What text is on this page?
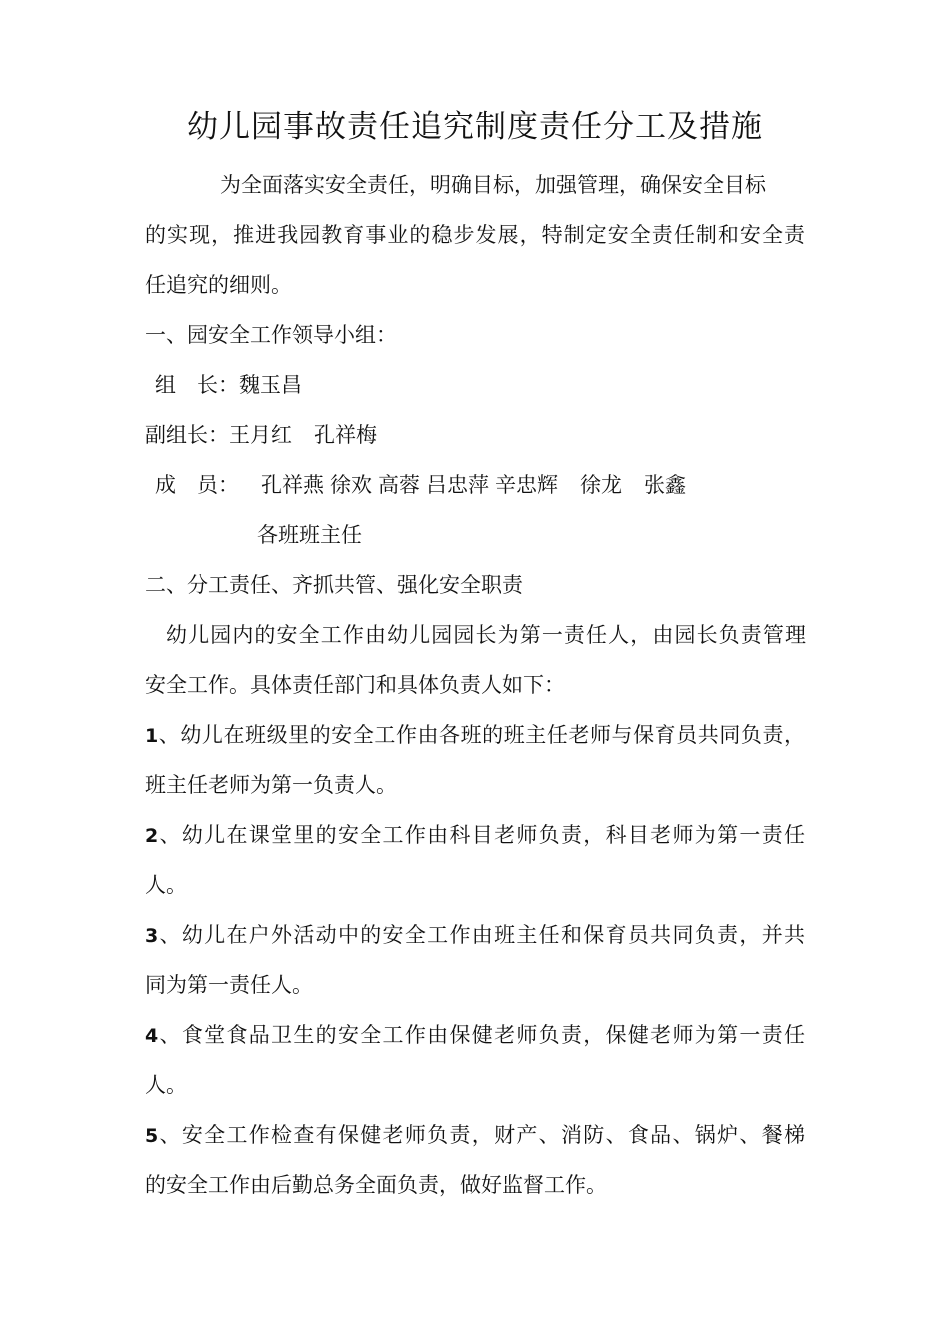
幼儿园事故责任追究制度责任分工及措施
为全面落实安全责任，明确目标，加强管理，确保安全目标
的实现，推进我园教育事业的稳步发展，特制定安全责任制和安全责
任追究的细则。
一、园安全工作领导小组：
组　长：魏玉昌
副组长：王月红 孔祥梅
成　员： 孔祥燕 徐欢 高蓉 吕忠萍 辛忠辉 徐龙 张鑫
各班班主任
二、分工责任、齐抓共管、强化安全职责
幼儿园内的安全工作由幼儿园园长为第一责任人，由园长负责管理
安全工作。具体责任部门和具体负责人如下：
1、幼儿在班级里的安全工作由各班的班主任老师与保育员共同负责，
班主任老师为第一负责人。
2、幼儿在课堂里的安全工作由科目老师负责，科目老师为第一责任
人。
3、幼儿在户外活动中的安全工作由班主任和保育员共同负责，并共
同为第一责任人。
4、食堂食品卫生的安全工作由保健老师负责，保健老师为第一责任
人。
5、安全工作检查有保健老师负责，财产、消防、食品、锅炉、餐梯
的安全工作由后勤总务全面负责，做好监督工作。
